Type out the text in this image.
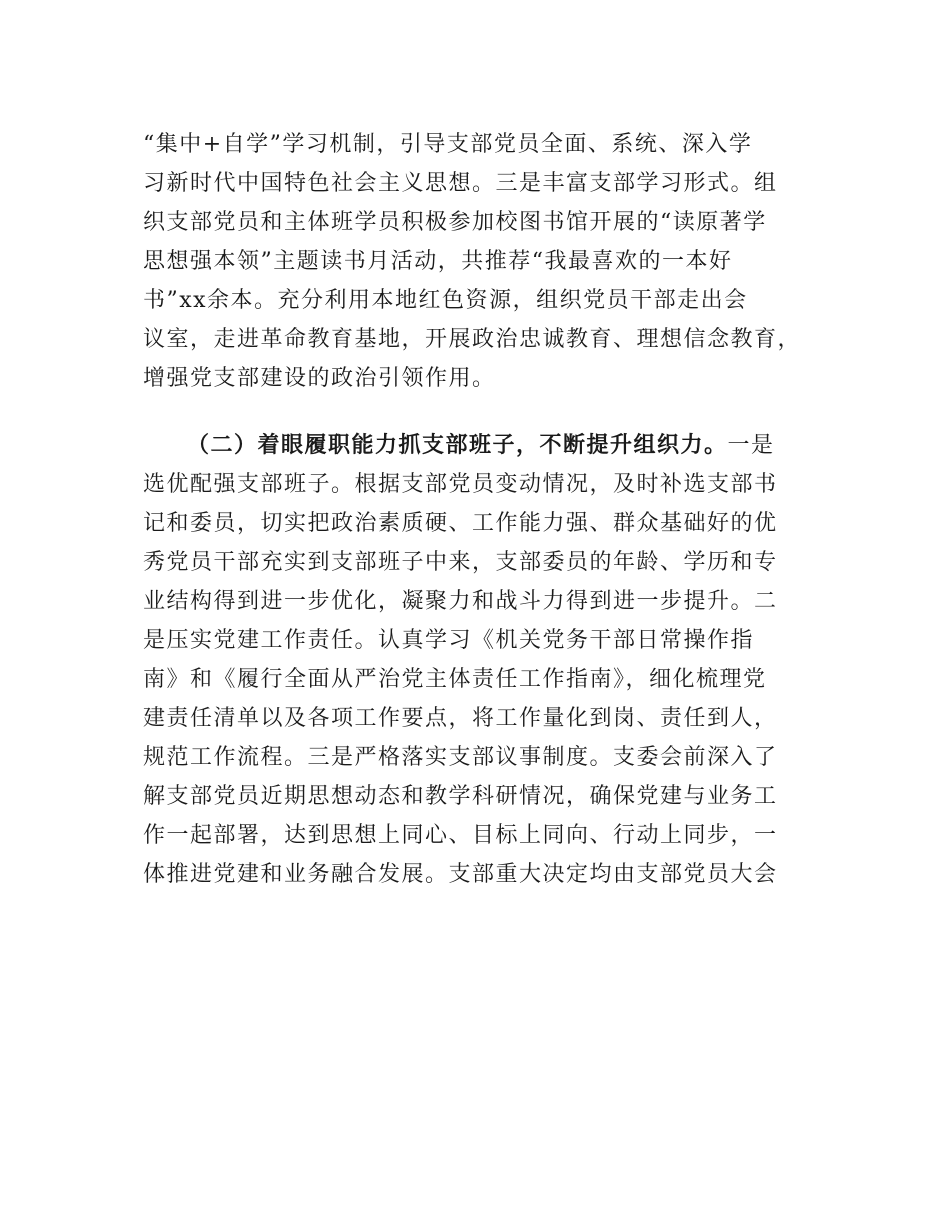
“集中+自学”学习机制，引导支部党员全面、系统、深入学
习新时代中国特色社会主义思想。三是丰富支部学习形式。组
织支部党员和主体班学员积极参加校图书馆开展的“读原著学
思想强本领”主题读书月活动，共推荐“我最喜欢的一本好
书”xx余本。充分利用本地红色资源，组织党员干部走出会
议室，走进革命教育基地，开展政治忠诚教育、理想信念教育，
增强党支部建设的政治引领作用。
（二）着眼履职能力抓支部班子，不断提升组织力。一是
选优配强支部班子。根据支部党员变动情况，及时补选支部书
记和委员，切实把政治素质硬、工作能力强、群众基础好的优
秀党员干部充实到支部班子中来，支部委员的年龄、学历和专
业结构得到进一步优化，凝聚力和战斗力得到进一步提升。二
是压实党建工作责任。认真学习《机关党务干部日常操作指
南》和《履行全面从严治党主体责任工作指南》，细化梳理党
建责任清单以及各项工作要点，将工作量化到岗、责任到人，
规范工作流程。三是严格落实支部议事制度。支委会前深入了
解支部党员近期思想动态和教学科研情况，确保党建与业务工
作一起部署，达到思想上同心、目标上同向、行动上同步，一
体推进党建和业务融合发展。支部重大决定均由支部党员大会
